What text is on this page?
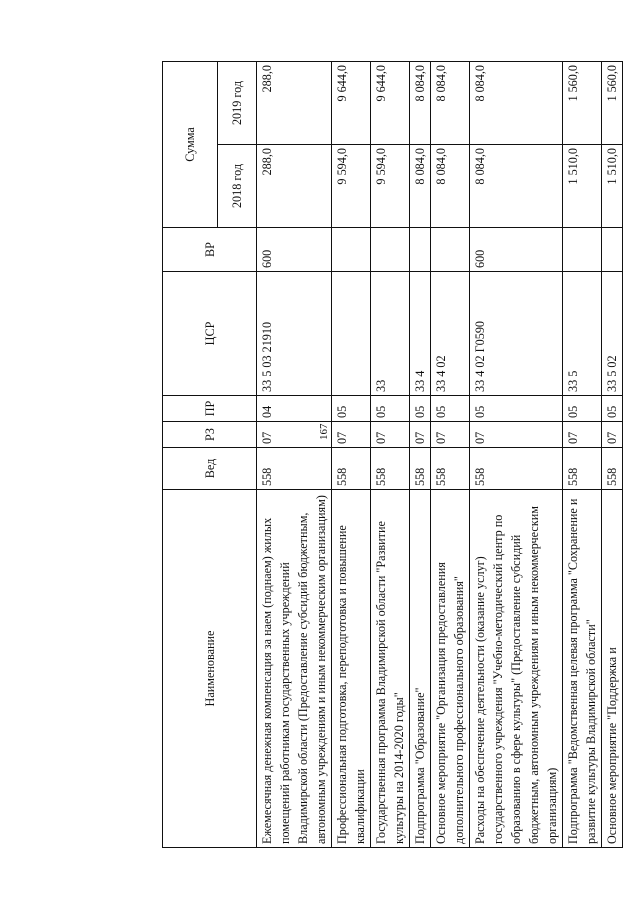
167
Наименование	Вед	РЗ	ПР	ЦСР	ВР	Сумма	
						2018 год	2019 год
Ежемесячная денежная компенсация за наем (поднаем) жилых помещений работникам государственных учреждений Владимирской области (Предоставление субсидий бюджетным, автономным учреждениям и иным некоммерческим организациям)	558	07	04	33 5 03 21910	600	288,0	288,0
Профессиональная подготовка, переподготовка и повышение квалификации	558	07	05			9 594,0	9 644,0
Государственная программа Владимирской области "Развитие культуры на 2014-2020 годы"	558	07	05	33		9 594,0	9 644,0
Подпрограмма "Образование"	558	07	05	33 4		8 084,0	8 084,0
Основное мероприятие "Организация предоставления дополнительного профессионального образования"	558	07	05	33 4 02		8 084,0	8 084,0
Расходы на обеспечение деятельности (оказание услуг) государственного учреждения "Учебно-методический центр по образованию в сфере культуры" (Предоставление субсидий бюджетным, автономным учреждениям и иным некоммерческим организациям)	558	07	05	33 4 02 Г0590	600	8 084,0	8 084,0
Подпрограмма "Ведомственная целевая программа "Сохранение и развитие культуры Владимирской области"	558	07	05	33 5		1 510,0	1 560,0
Основное мероприятие "Поддержка и	558	07	05	33 5 02		1 510,0	1 560,0
